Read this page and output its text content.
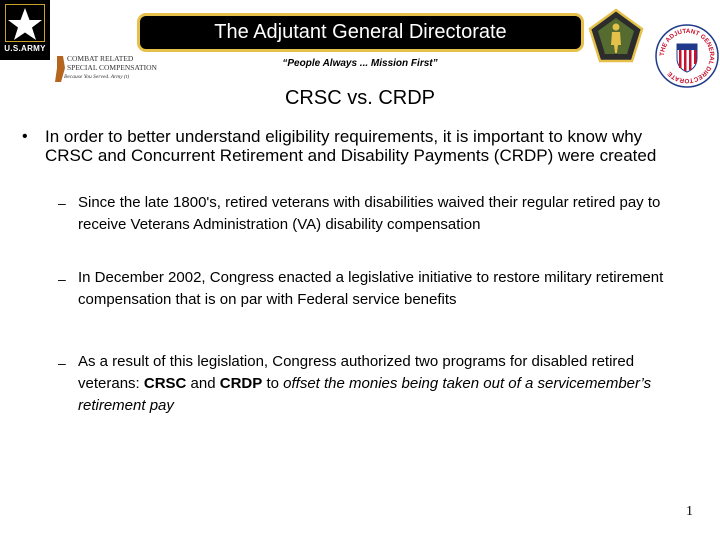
U.S.ARMY
COMBAT RELATED
SPECIAL COMPENSATION
Because You Served. Army (t)
The Adjutant General Directorate
“People Always ... Mission First”
THE ADJUTANT GENERAL DIRECTORATE
CRSC vs. CRDP
• In order to better understand eligibility requirements, it is important to know why CRSC and Concurrent Retirement and Disability Payments (CRDP) were created
– Since the late 1800's, retired veterans with disabilities waived their regular retired pay to receive Veterans Administration (VA) disability compensation
– In December 2002, Congress enacted a legislative initiative to restore military retirement compensation that is on par with Federal service benefits
– As a result of this legislation, Congress authorized two programs for disabled retired veterans: CRSC and CRDP to offset the monies being taken out of a servicemember’s retirement pay
1
